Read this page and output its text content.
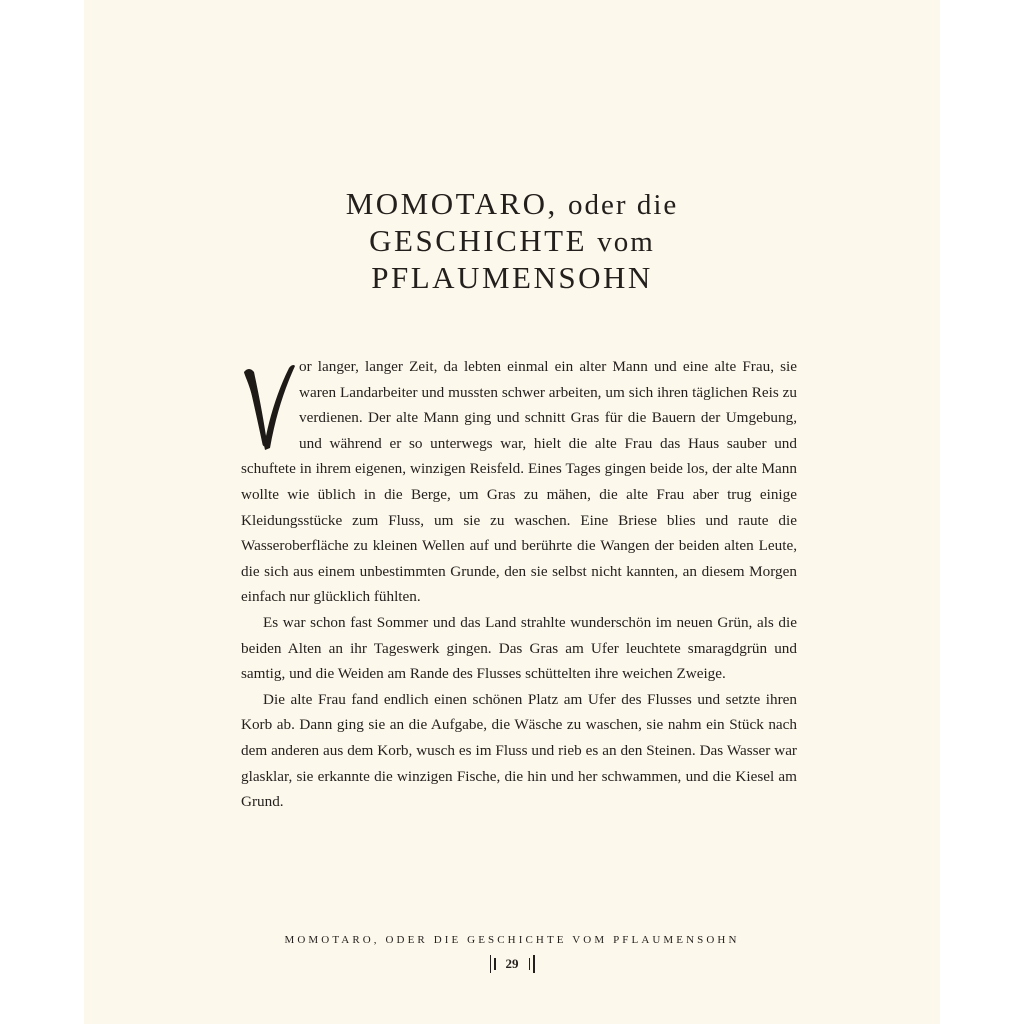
MOMOTARO, oder die
GESCHICHTE vom
PFLAUMENSOHN

or langer, langer Zeit, da lebten einmal ein alter Mann und eine alte Frau, sie waren Landarbeiter und mussten schwer arbeiten, um sich ihren täglichen Reis zu verdienen. Der alte Mann ging und schnitt Gras für die Bauern der Umgebung, und während er so unterwegs war, hielt die alte Frau das Haus sauber und schuftete in ihrem eigenen, winzigen Reisfeld. Eines Tages gingen beide los, der alte Mann wollte wie üblich in die Berge, um Gras zu mähen, die alte Frau aber trug einige Kleidungsstücke zum Fluss, um sie zu waschen. Eine Briese blies und raute die Wasseroberfläche zu kleinen Wellen auf und berührte die Wangen der beiden alten Leute, die sich aus einem unbestimmten Grunde, den sie selbst nicht kannten, an diesem Morgen einfach nur glücklich fühlten.

Es war schon fast Sommer und das Land strahlte wunderschön im neuen Grün, als die beiden Alten an ihr Tageswerk gingen. Das Gras am Ufer leuchtete smaragdgrün und samtig, und die Weiden am Rande des Flusses schüttelten ihre weichen Zweige.

Die alte Frau fand endlich einen schönen Platz am Ufer des Flusses und setzte ihren Korb ab. Dann ging sie an die Aufgabe, die Wäsche zu waschen, sie nahm ein Stück nach dem anderen aus dem Korb, wusch es im Fluss und rieb es an den Steinen. Das Wasser war glasklar, sie erkannte die winzigen Fische, die hin und her schwammen, und die Kiesel am Grund.

MOMOTARO, ODER DIE GESCHICHTE VOM PFLAUMENSOHN
29
